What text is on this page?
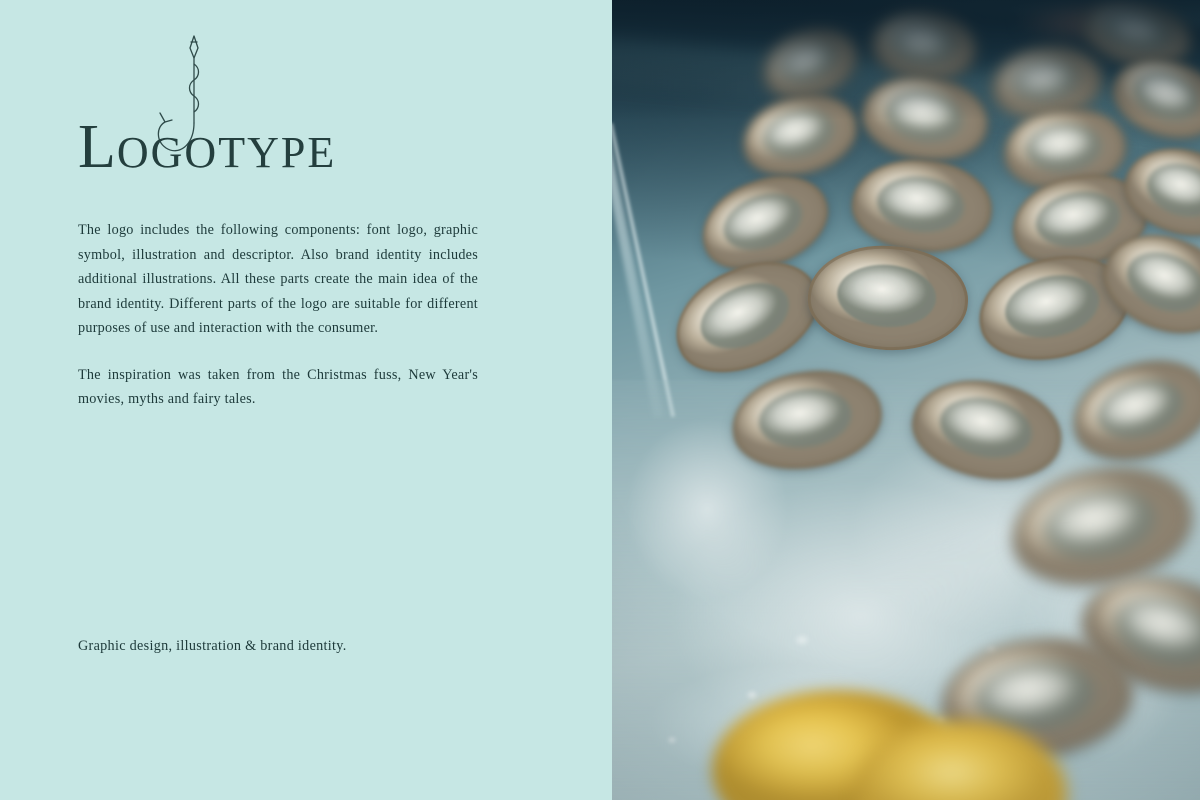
LOGOTYPE

The logo includes the following components: font logo, graphic symbol, illustration and descriptor. Also brand identity includes additional illustrations. All these parts create the main idea of the brand identity. Different parts of the logo are suitable for different purposes of use and interaction with the consumer.

The inspiration was taken from the Christmas fuss, New Year's movies, myths and fairy tales.

Graphic design, illustration & brand identity.
